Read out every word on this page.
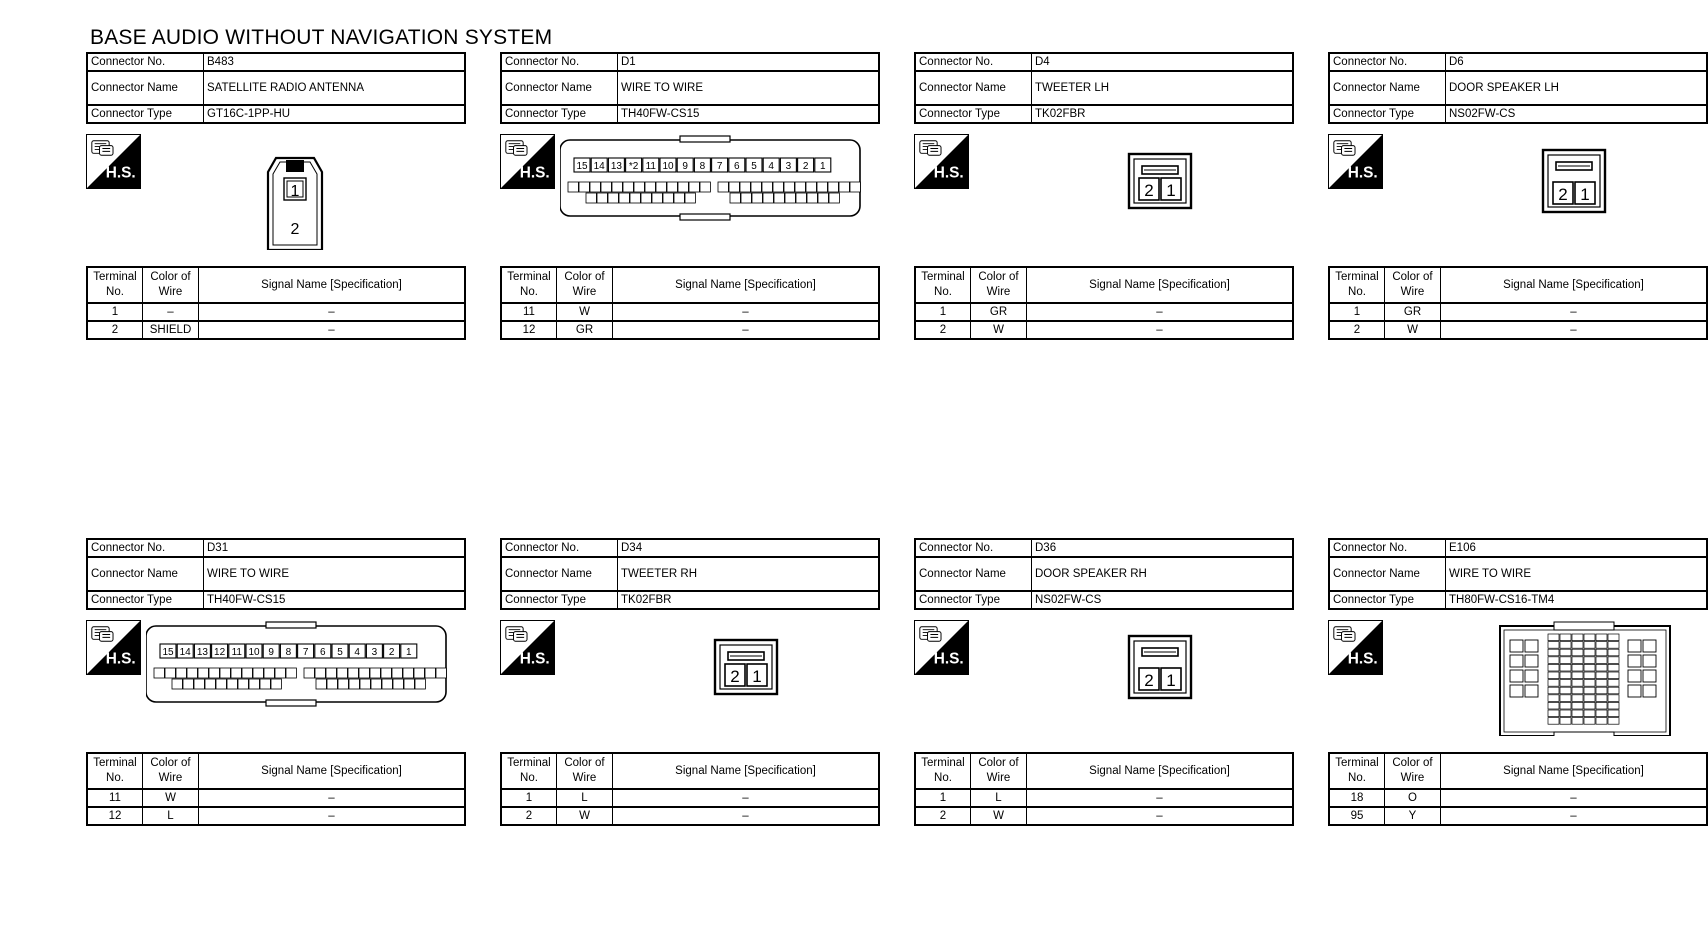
BASE AUDIO WITHOUT NAVIGATION SYSTEM
Connector No.	B483
Connector Name	SATELLITE RADIO ANTENNA
Connector Type	GT16C-1PP-HU
H.S.
1
2
Terminal No.	Color of Wire	Signal Name [Specification]
1	–	–
2	SHIELD	–
Connector No.	D1
Connector Name	WIRE TO WIRE
Connector Type	TH40FW-CS15
H.S.	15 14 13 *2 11 10 9 8 7 6 5 4 3 2 1
Terminal No.	Color of Wire	Signal Name [Specification]
11	W	–
12	GR	–
Connector No.	D4
Connector Name	TWEETER LH
Connector Type	TK02FBR
H.S.
2 1
Terminal No.	Color of Wire	Signal Name [Specification]
1	GR	–
2	W	–
Connector No.	D6
Connector Name	DOOR SPEAKER LH
Connector Type	NS02FW-CS
H.S.
2 1
Terminal No.	Color of Wire	Signal Name [Specification]
1	GR	–
2	W	–
Connector No.	D31
Connector Name	WIRE TO WIRE
Connector Type	TH40FW-CS15
H.S.	15 14 13 12 11 10 9 8 7 6 5 4 3 2 1
Terminal No.	Color of Wire	Signal Name [Specification]
11	W	–
12	L	–
Connector No.	D34
Connector Name	TWEETER RH
Connector Type	TK02FBR
H.S.
2 1
Terminal No.	Color of Wire	Signal Name [Specification]
1	L	–
2	W	–
Connector No.	D36
Connector Name	DOOR SPEAKER RH
Connector Type	NS02FW-CS
H.S.
2 1
Terminal No.	Color of Wire	Signal Name [Specification]
1	L	–
2	W	–
Connector No.	E106
Connector Name	WIRE TO WIRE
Connector Type	TH80FW-CS16-TM4
H.S.
Terminal No.	Color of Wire	Signal Name [Specification]
18	O	–
95	Y	–
